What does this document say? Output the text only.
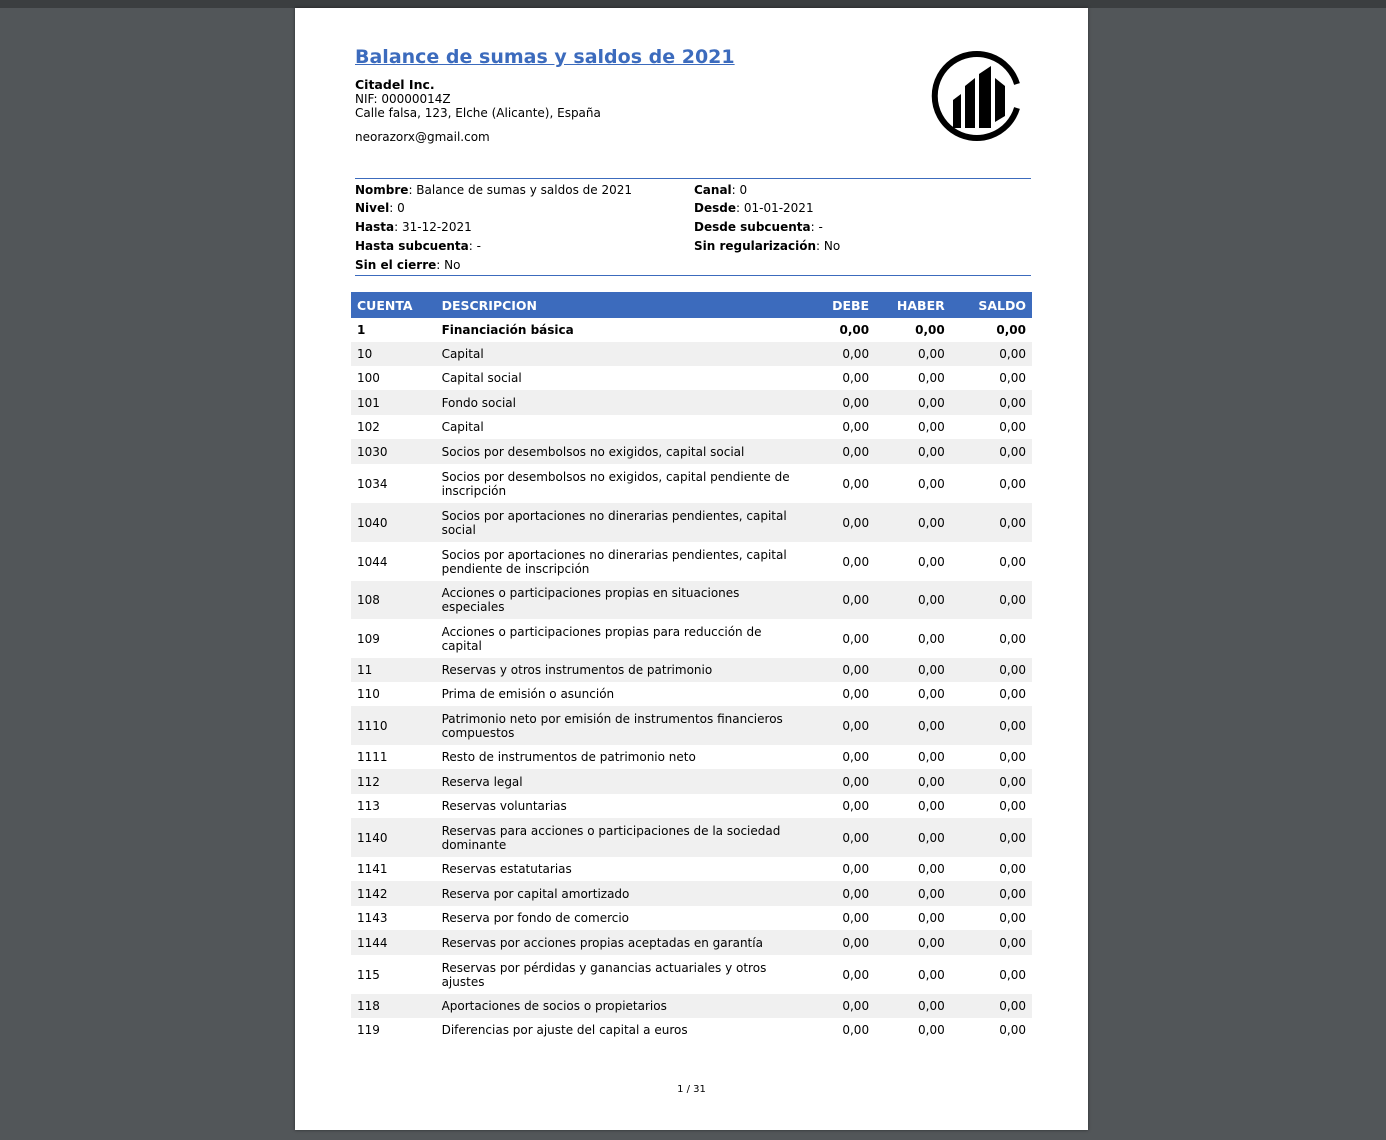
Balance de sumas y saldos de 2021
Citadel Inc.
NIF: 00000014Z
Calle falsa, 123, Elche (Alicante), España
neorazorx@gmail.com
Nombre: Balance de sumas y saldos de 2021	Canal: 0
Nivel: 0	Desde: 01-01-2021
Hasta: 31-12-2021	Desde subcuenta: -
Hasta subcuenta: -	Sin regularización: No
Sin el cierre: No
CUENTA	DESCRIPCION	DEBE	HABER	SALDO
1	Financiación básica	0,00	0,00	0,00
10	Capital	0,00	0,00	0,00
100	Capital social	0,00	0,00	0,00
101	Fondo social	0,00	0,00	0,00
102	Capital	0,00	0,00	0,00
1030	Socios por desembolsos no exigidos, capital social	0,00	0,00	0,00
1034	Socios por desembolsos no exigidos, capital pendiente de inscripción	0,00	0,00	0,00
1040	Socios por aportaciones no dinerarias pendientes, capital social	0,00	0,00	0,00
1044	Socios por aportaciones no dinerarias pendientes, capital pendiente de inscripción	0,00	0,00	0,00
108	Acciones o participaciones propias en situaciones especiales	0,00	0,00	0,00
109	Acciones o participaciones propias para reducción de capital	0,00	0,00	0,00
11	Reservas y otros instrumentos de patrimonio	0,00	0,00	0,00
110	Prima de emisión o asunción	0,00	0,00	0,00
1110	Patrimonio neto por emisión de instrumentos financieros compuestos	0,00	0,00	0,00
1111	Resto de instrumentos de patrimonio neto	0,00	0,00	0,00
112	Reserva legal	0,00	0,00	0,00
113	Reservas voluntarias	0,00	0,00	0,00
1140	Reservas para acciones o participaciones de la sociedad dominante	0,00	0,00	0,00
1141	Reservas estatutarias	0,00	0,00	0,00
1142	Reserva por capital amortizado	0,00	0,00	0,00
1143	Reserva por fondo de comercio	0,00	0,00	0,00
1144	Reservas por acciones propias aceptadas en garantía	0,00	0,00	0,00
115	Reservas por pérdidas y ganancias actuariales y otros ajustes	0,00	0,00	0,00
118	Aportaciones de socios o propietarios	0,00	0,00	0,00
119	Diferencias por ajuste del capital a euros	0,00	0,00	0,00
1 / 31
